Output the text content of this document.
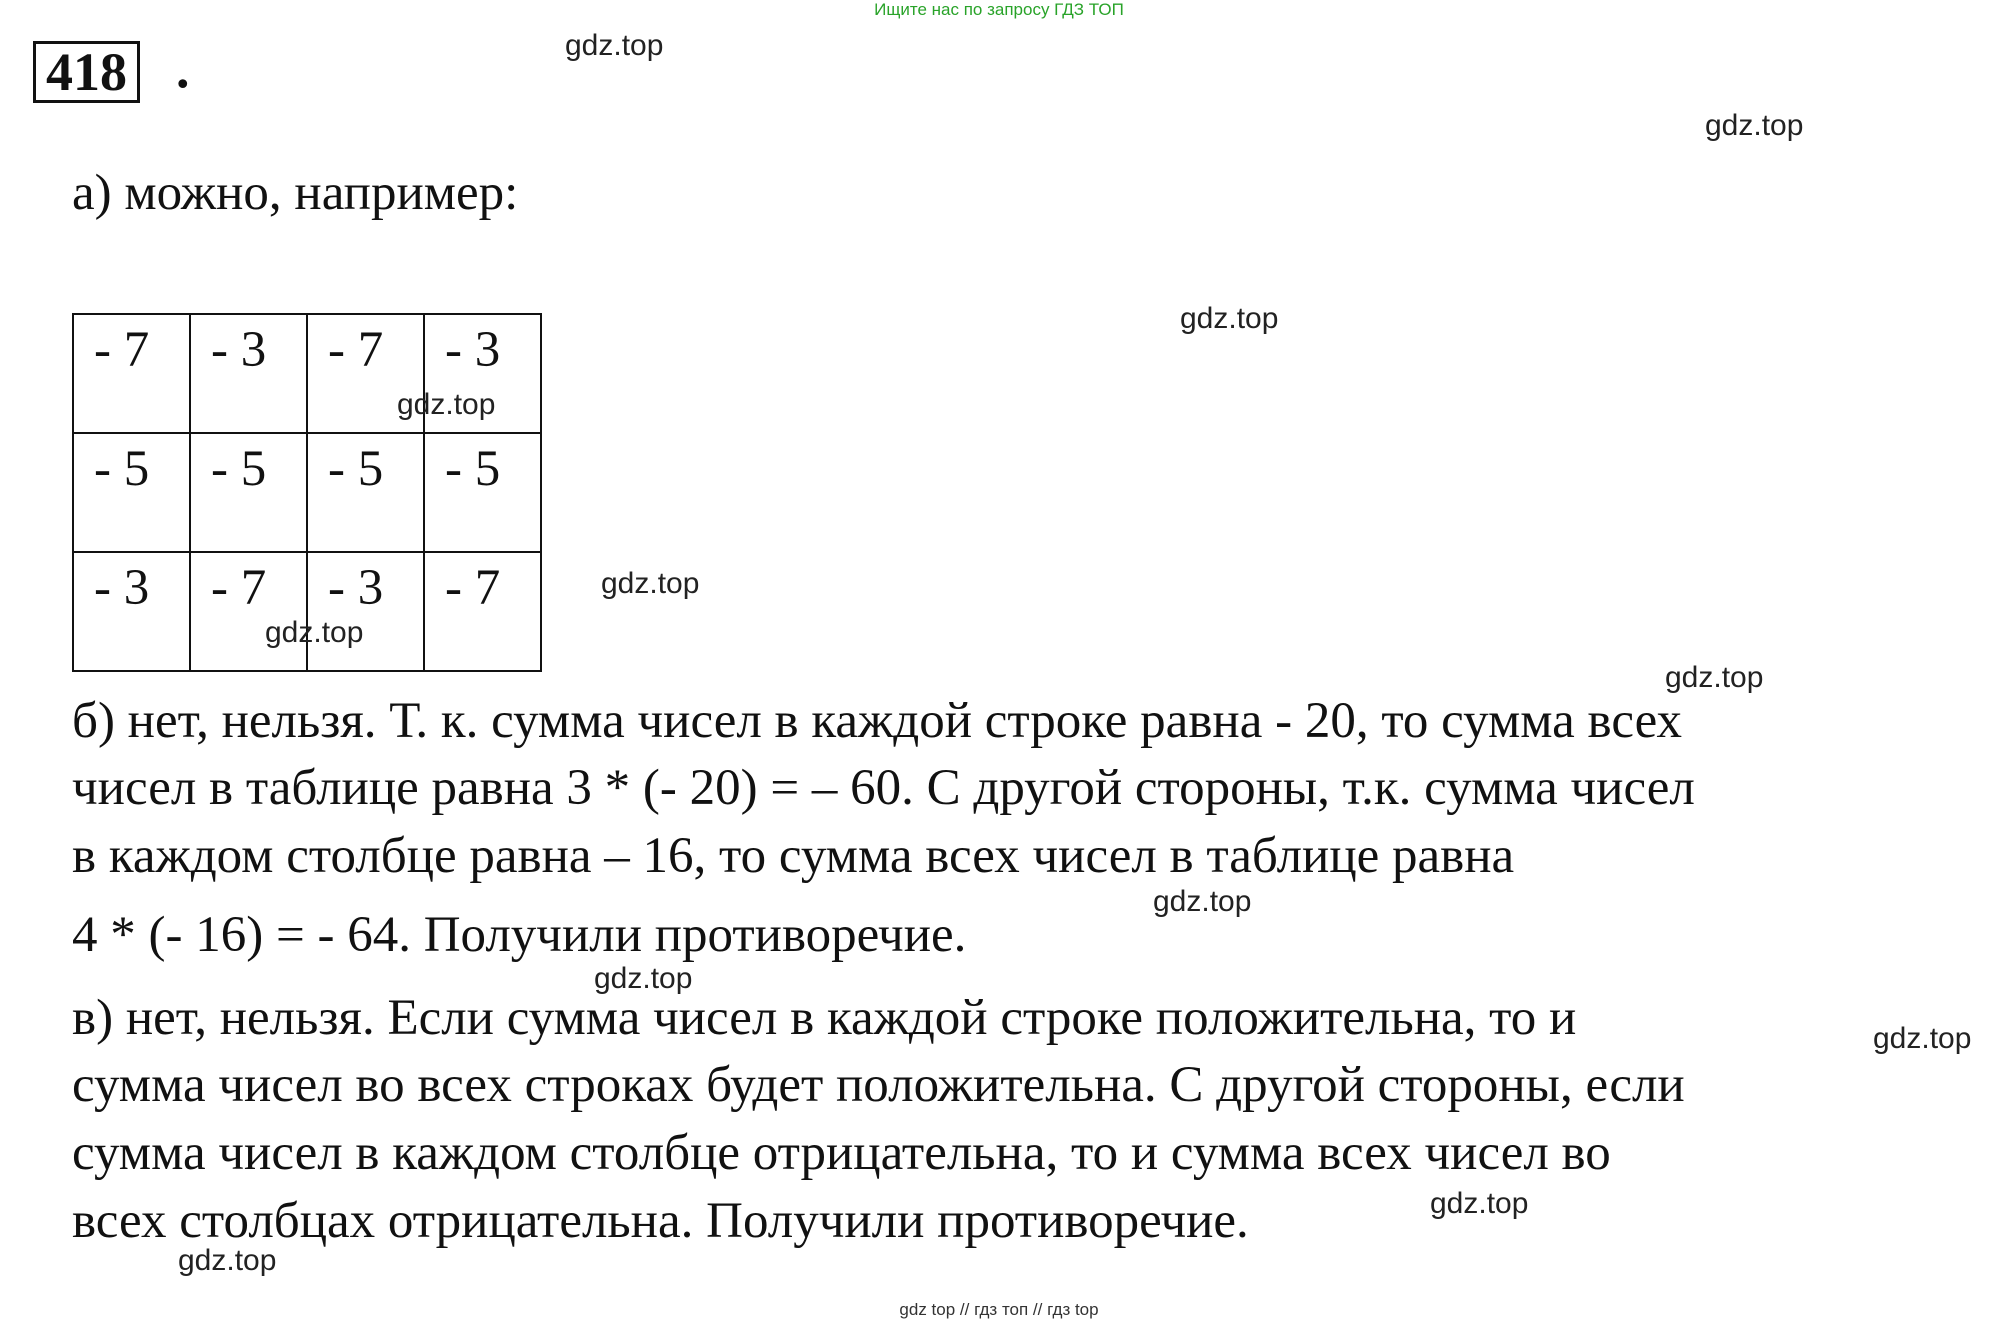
Ищите нас по запросу ГДЗ ТОП
418 .
а) можно, например:
- 7	- 3	- 7	- 3
- 5	- 5	- 5	- 5
- 3	- 7	- 3	- 7
б) нет, нельзя. Т. к. сумма чисел в каждой строке равна - 20, то сумма всех
чисел в таблице равна 3 * (- 20) = – 60. С другой стороны, т.к. сумма чисел
в каждом столбце равна – 16, то сумма всех чисел в таблице равна
4 * (- 16) = - 64. Получили противоречие.
в) нет, нельзя. Если сумма чисел в каждой строке положительна, то и
сумма чисел во всех строках будет положительна. С другой стороны, если
сумма чисел в каждом столбце отрицательна, то и сумма всех чисел во
всех столбцах отрицательна. Получили противоречие.
gdz.top
gdz.top
gdz.top
gdz.top
gdz.top
gdz.top
gdz.top
gdz.top
gdz.top
gdz.top
gdz.top
gdz.top
gdz top // гдз топ // гдз top
